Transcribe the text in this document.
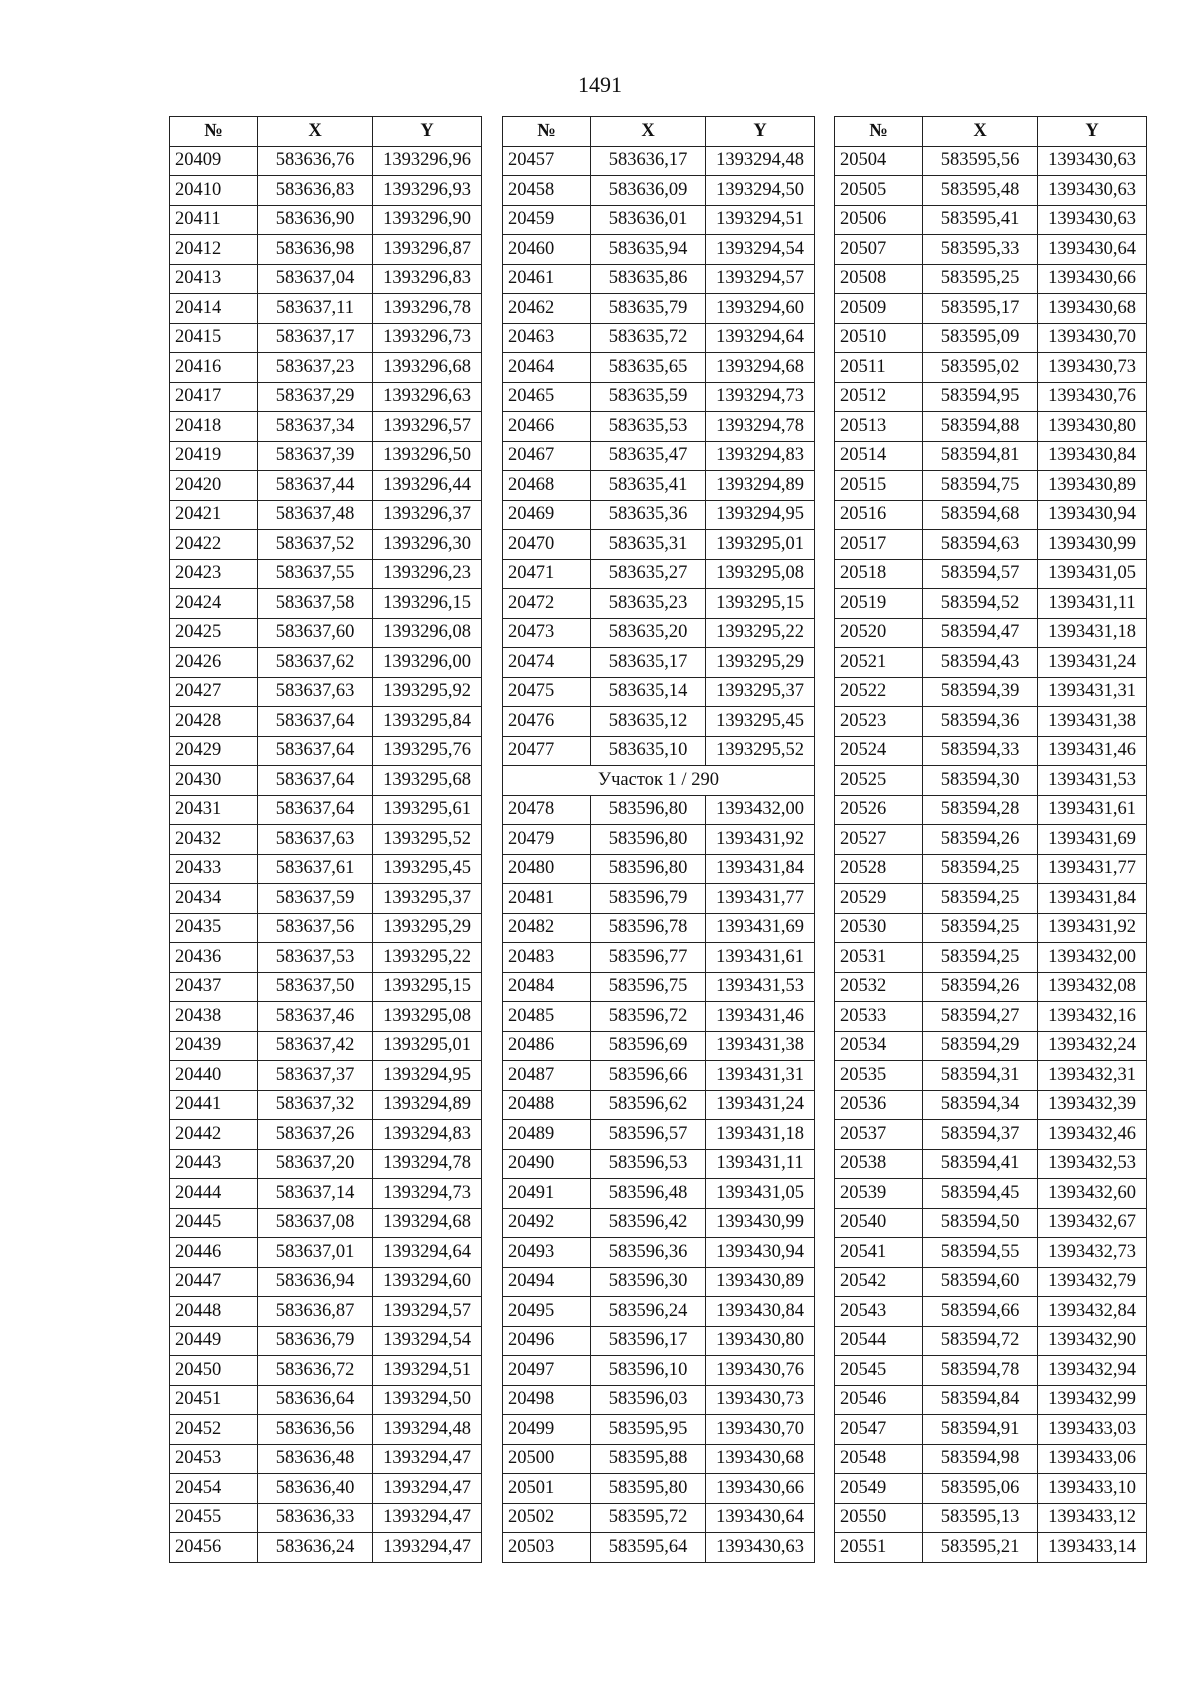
1491
№	X	Y
20409	583636,76	1393296,96
20410	583636,83	1393296,93
20411	583636,90	1393296,90
20412	583636,98	1393296,87
20413	583637,04	1393296,83
20414	583637,11	1393296,78
20415	583637,17	1393296,73
20416	583637,23	1393296,68
20417	583637,29	1393296,63
20418	583637,34	1393296,57
20419	583637,39	1393296,50
20420	583637,44	1393296,44
20421	583637,48	1393296,37
20422	583637,52	1393296,30
20423	583637,55	1393296,23
20424	583637,58	1393296,15
20425	583637,60	1393296,08
20426	583637,62	1393296,00
20427	583637,63	1393295,92
20428	583637,64	1393295,84
20429	583637,64	1393295,76
20430	583637,64	1393295,68
20431	583637,64	1393295,61
20432	583637,63	1393295,52
20433	583637,61	1393295,45
20434	583637,59	1393295,37
20435	583637,56	1393295,29
20436	583637,53	1393295,22
20437	583637,50	1393295,15
20438	583637,46	1393295,08
20439	583637,42	1393295,01
20440	583637,37	1393294,95
20441	583637,32	1393294,89
20442	583637,26	1393294,83
20443	583637,20	1393294,78
20444	583637,14	1393294,73
20445	583637,08	1393294,68
20446	583637,01	1393294,64
20447	583636,94	1393294,60
20448	583636,87	1393294,57
20449	583636,79	1393294,54
20450	583636,72	1393294,51
20451	583636,64	1393294,50
20452	583636,56	1393294,48
20453	583636,48	1393294,47
20454	583636,40	1393294,47
20455	583636,33	1393294,47
20456	583636,24	1393294,47
№	X	Y
20457	583636,17	1393294,48
20458	583636,09	1393294,50
20459	583636,01	1393294,51
20460	583635,94	1393294,54
20461	583635,86	1393294,57
20462	583635,79	1393294,60
20463	583635,72	1393294,64
20464	583635,65	1393294,68
20465	583635,59	1393294,73
20466	583635,53	1393294,78
20467	583635,47	1393294,83
20468	583635,41	1393294,89
20469	583635,36	1393294,95
20470	583635,31	1393295,01
20471	583635,27	1393295,08
20472	583635,23	1393295,15
20473	583635,20	1393295,22
20474	583635,17	1393295,29
20475	583635,14	1393295,37
20476	583635,12	1393295,45
20477	583635,10	1393295,52
Участок 1 / 290		
20478	583596,80	1393432,00
20479	583596,80	1393431,92
20480	583596,80	1393431,84
20481	583596,79	1393431,77
20482	583596,78	1393431,69
20483	583596,77	1393431,61
20484	583596,75	1393431,53
20485	583596,72	1393431,46
20486	583596,69	1393431,38
20487	583596,66	1393431,31
20488	583596,62	1393431,24
20489	583596,57	1393431,18
20490	583596,53	1393431,11
20491	583596,48	1393431,05
20492	583596,42	1393430,99
20493	583596,36	1393430,94
20494	583596,30	1393430,89
20495	583596,24	1393430,84
20496	583596,17	1393430,80
20497	583596,10	1393430,76
20498	583596,03	1393430,73
20499	583595,95	1393430,70
20500	583595,88	1393430,68
20501	583595,80	1393430,66
20502	583595,72	1393430,64
20503	583595,64	1393430,63
№	X	Y
20504	583595,56	1393430,63
20505	583595,48	1393430,63
20506	583595,41	1393430,63
20507	583595,33	1393430,64
20508	583595,25	1393430,66
20509	583595,17	1393430,68
20510	583595,09	1393430,70
20511	583595,02	1393430,73
20512	583594,95	1393430,76
20513	583594,88	1393430,80
20514	583594,81	1393430,84
20515	583594,75	1393430,89
20516	583594,68	1393430,94
20517	583594,63	1393430,99
20518	583594,57	1393431,05
20519	583594,52	1393431,11
20520	583594,47	1393431,18
20521	583594,43	1393431,24
20522	583594,39	1393431,31
20523	583594,36	1393431,38
20524	583594,33	1393431,46
20525	583594,30	1393431,53
20526	583594,28	1393431,61
20527	583594,26	1393431,69
20528	583594,25	1393431,77
20529	583594,25	1393431,84
20530	583594,25	1393431,92
20531	583594,25	1393432,00
20532	583594,26	1393432,08
20533	583594,27	1393432,16
20534	583594,29	1393432,24
20535	583594,31	1393432,31
20536	583594,34	1393432,39
20537	583594,37	1393432,46
20538	583594,41	1393432,53
20539	583594,45	1393432,60
20540	583594,50	1393432,67
20541	583594,55	1393432,73
20542	583594,60	1393432,79
20543	583594,66	1393432,84
20544	583594,72	1393432,90
20545	583594,78	1393432,94
20546	583594,84	1393432,99
20547	583594,91	1393433,03
20548	583594,98	1393433,06
20549	583595,06	1393433,10
20550	583595,13	1393433,12
20551	583595,21	1393433,14
